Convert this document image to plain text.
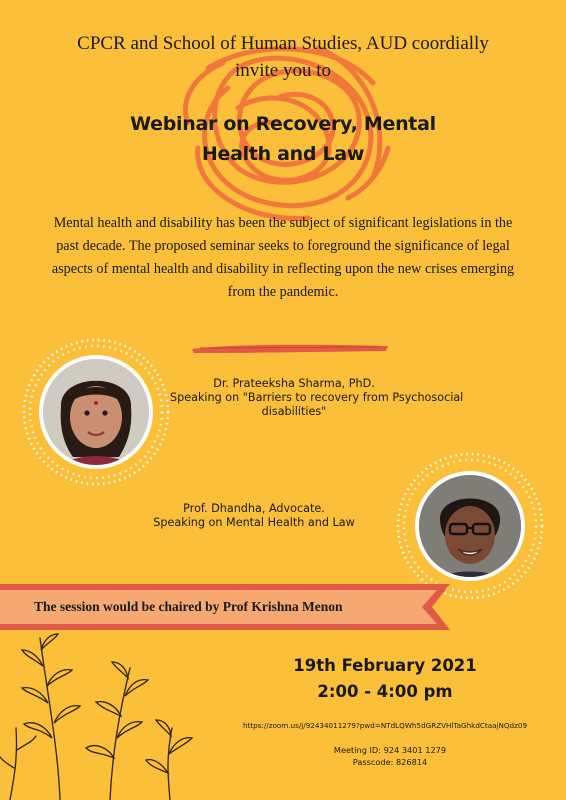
CPCR and School of Human Studies, AUD coordially
invite you to
Webinar on Recovery, Mental
Health and Law
Mental health and disability has been the subject of significant legislations in the
past decade. The proposed seminar seeks to foreground the significance of legal
aspects of mental health and disability in reflecting upon the new crises emerging
from the pandemic.
Dr. Prateeksha Sharma, PhD.
Speaking on "Barriers to recovery from Psychosocial
disabilities"
Prof. Dhandha, Advocate.
Speaking on Mental Health and Law
The session would be chaired by Prof Krishna Menon
19th February 2021
2:00 - 4:00 pm
https://zoom.us/j/92434011279?pwd=NTdLQWh5dGRZVHlTaGhkdCtaajNQdz09
Meeting ID: 924 3401 1279
Passcode: 826814
